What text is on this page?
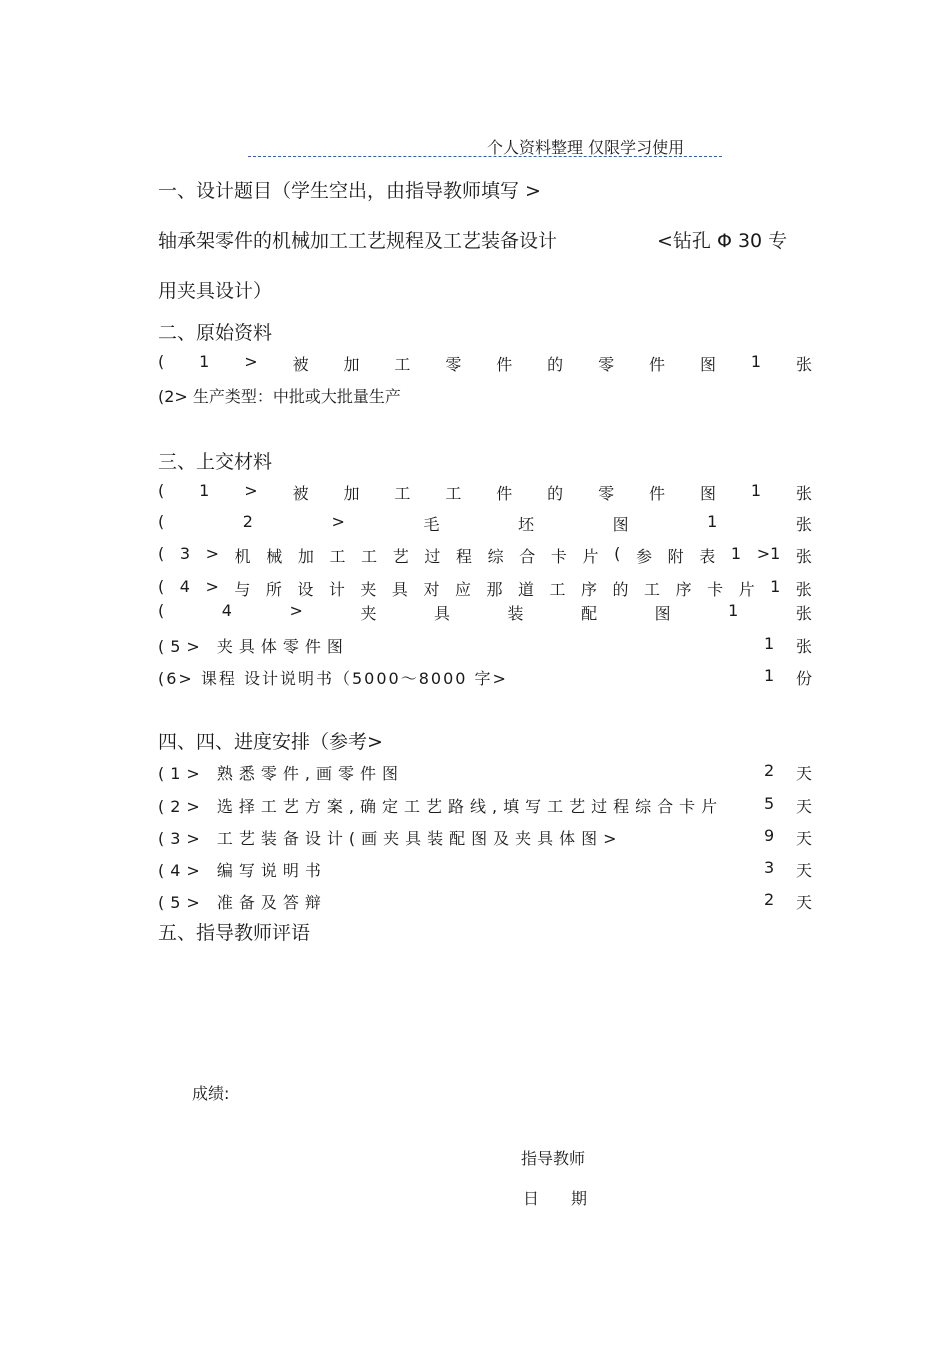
个人资料整理 仅限学习使用
一、设计题目（学生空出，由指导教师填写 >
轴承架零件的机械加工工艺规程及工艺装备设计	<钻孔 Φ 30 专
用夹具设计）
二、原始资料
( 1 > 被 加 工 零 件 的 零 件 图 1 张
(2> 生产类型：中批或大批量生产
三、上交材料
( 1 > 被 加 工 工 件 的 零 件 图 1 张
(	2	>	毛	坯	图	1	张
( 3 > 机 械 加 工 工 艺 过 程 综 合 卡 片 ( 参 附 表 1 >1 张
( 4 > 与 所 设 计 夹 具 对 应 那 道 工 序 的 工 序 卡 片 1 张
(	4	>	夹	具	装	配	图	1	张
(5> 夹具体零件图	1 张
(6> 课程 设计说明书（5000～8000 字>	1 份
四、四、进度安排（参考>
(1> 熟悉零件,画零件图	2 天
(2> 选择工艺方案,确定工艺路线,填写工艺过程综合卡片	5 天
(3> 工艺装备设计(画夹具装配图及夹具体图>	9 天
(4> 编写说明书	3 天
(5> 准备及答辩	2 天
五、指导教师评语
成绩:
指导教师
日　　期
